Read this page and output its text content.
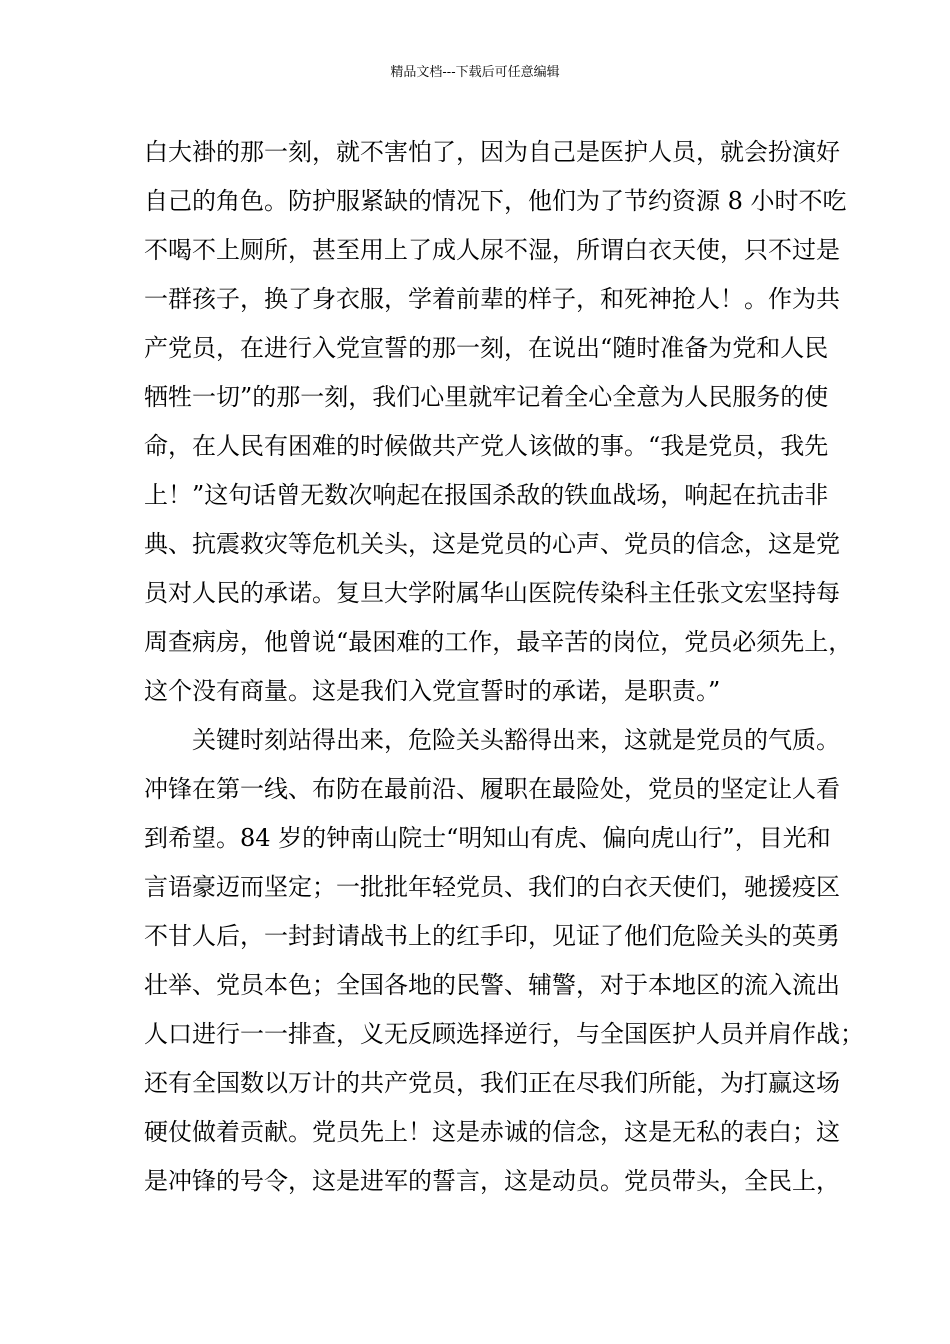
精品文档---下载后可任意编辑
白大褂的那一刻，就不害怕了，因为自己是医护人员，就会扮演好
自己的角色。防护服紧缺的情况下，他们为了节约资源 8 小时不吃
不喝不上厕所，甚至用上了成人尿不湿，所谓白衣天使，只不过是
一群孩子，换了身衣服，学着前辈的样子，和死神抢人！。作为共
产党员，在进行入党宣誓的那一刻，在说出“随时准备为党和人民
牺牲一切”的那一刻，我们心里就牢记着全心全意为人民服务的使
命，在人民有困难的时候做共产党人该做的事。“我是党员，我先
上！”这句话曾无数次响起在报国杀敌的铁血战场，响起在抗击非
典、抗震救灾等危机关头，这是党员的心声、党员的信念，这是党
员对人民的承诺。复旦大学附属华山医院传染科主任张文宏坚持每
周查病房，他曾说“最困难的工作，最辛苦的岗位，党员必须先上，
这个没有商量。这是我们入党宣誓时的承诺，是职责。”
关键时刻站得出来，危险关头豁得出来，这就是党员的气质。
冲锋在第一线、布防在最前沿、履职在最险处，党员的坚定让人看
到希望。84 岁的钟南山院士“明知山有虎、偏向虎山行”，目光和
言语豪迈而坚定；一批批年轻党员、我们的白衣天使们，驰援疫区
不甘人后，一封封请战书上的红手印，见证了他们危险关头的英勇
壮举、党员本色；全国各地的民警、辅警，对于本地区的流入流出
人口进行一一排查，义无反顾选择逆行，与全国医护人员并肩作战；
还有全国数以万计的共产党员，我们正在尽我们所能，为打赢这场
硬仗做着贡献。党员先上！这是赤诚的信念，这是无私的表白；这
是冲锋的号令，这是进军的誓言，这是动员。党员带头，全民上，
